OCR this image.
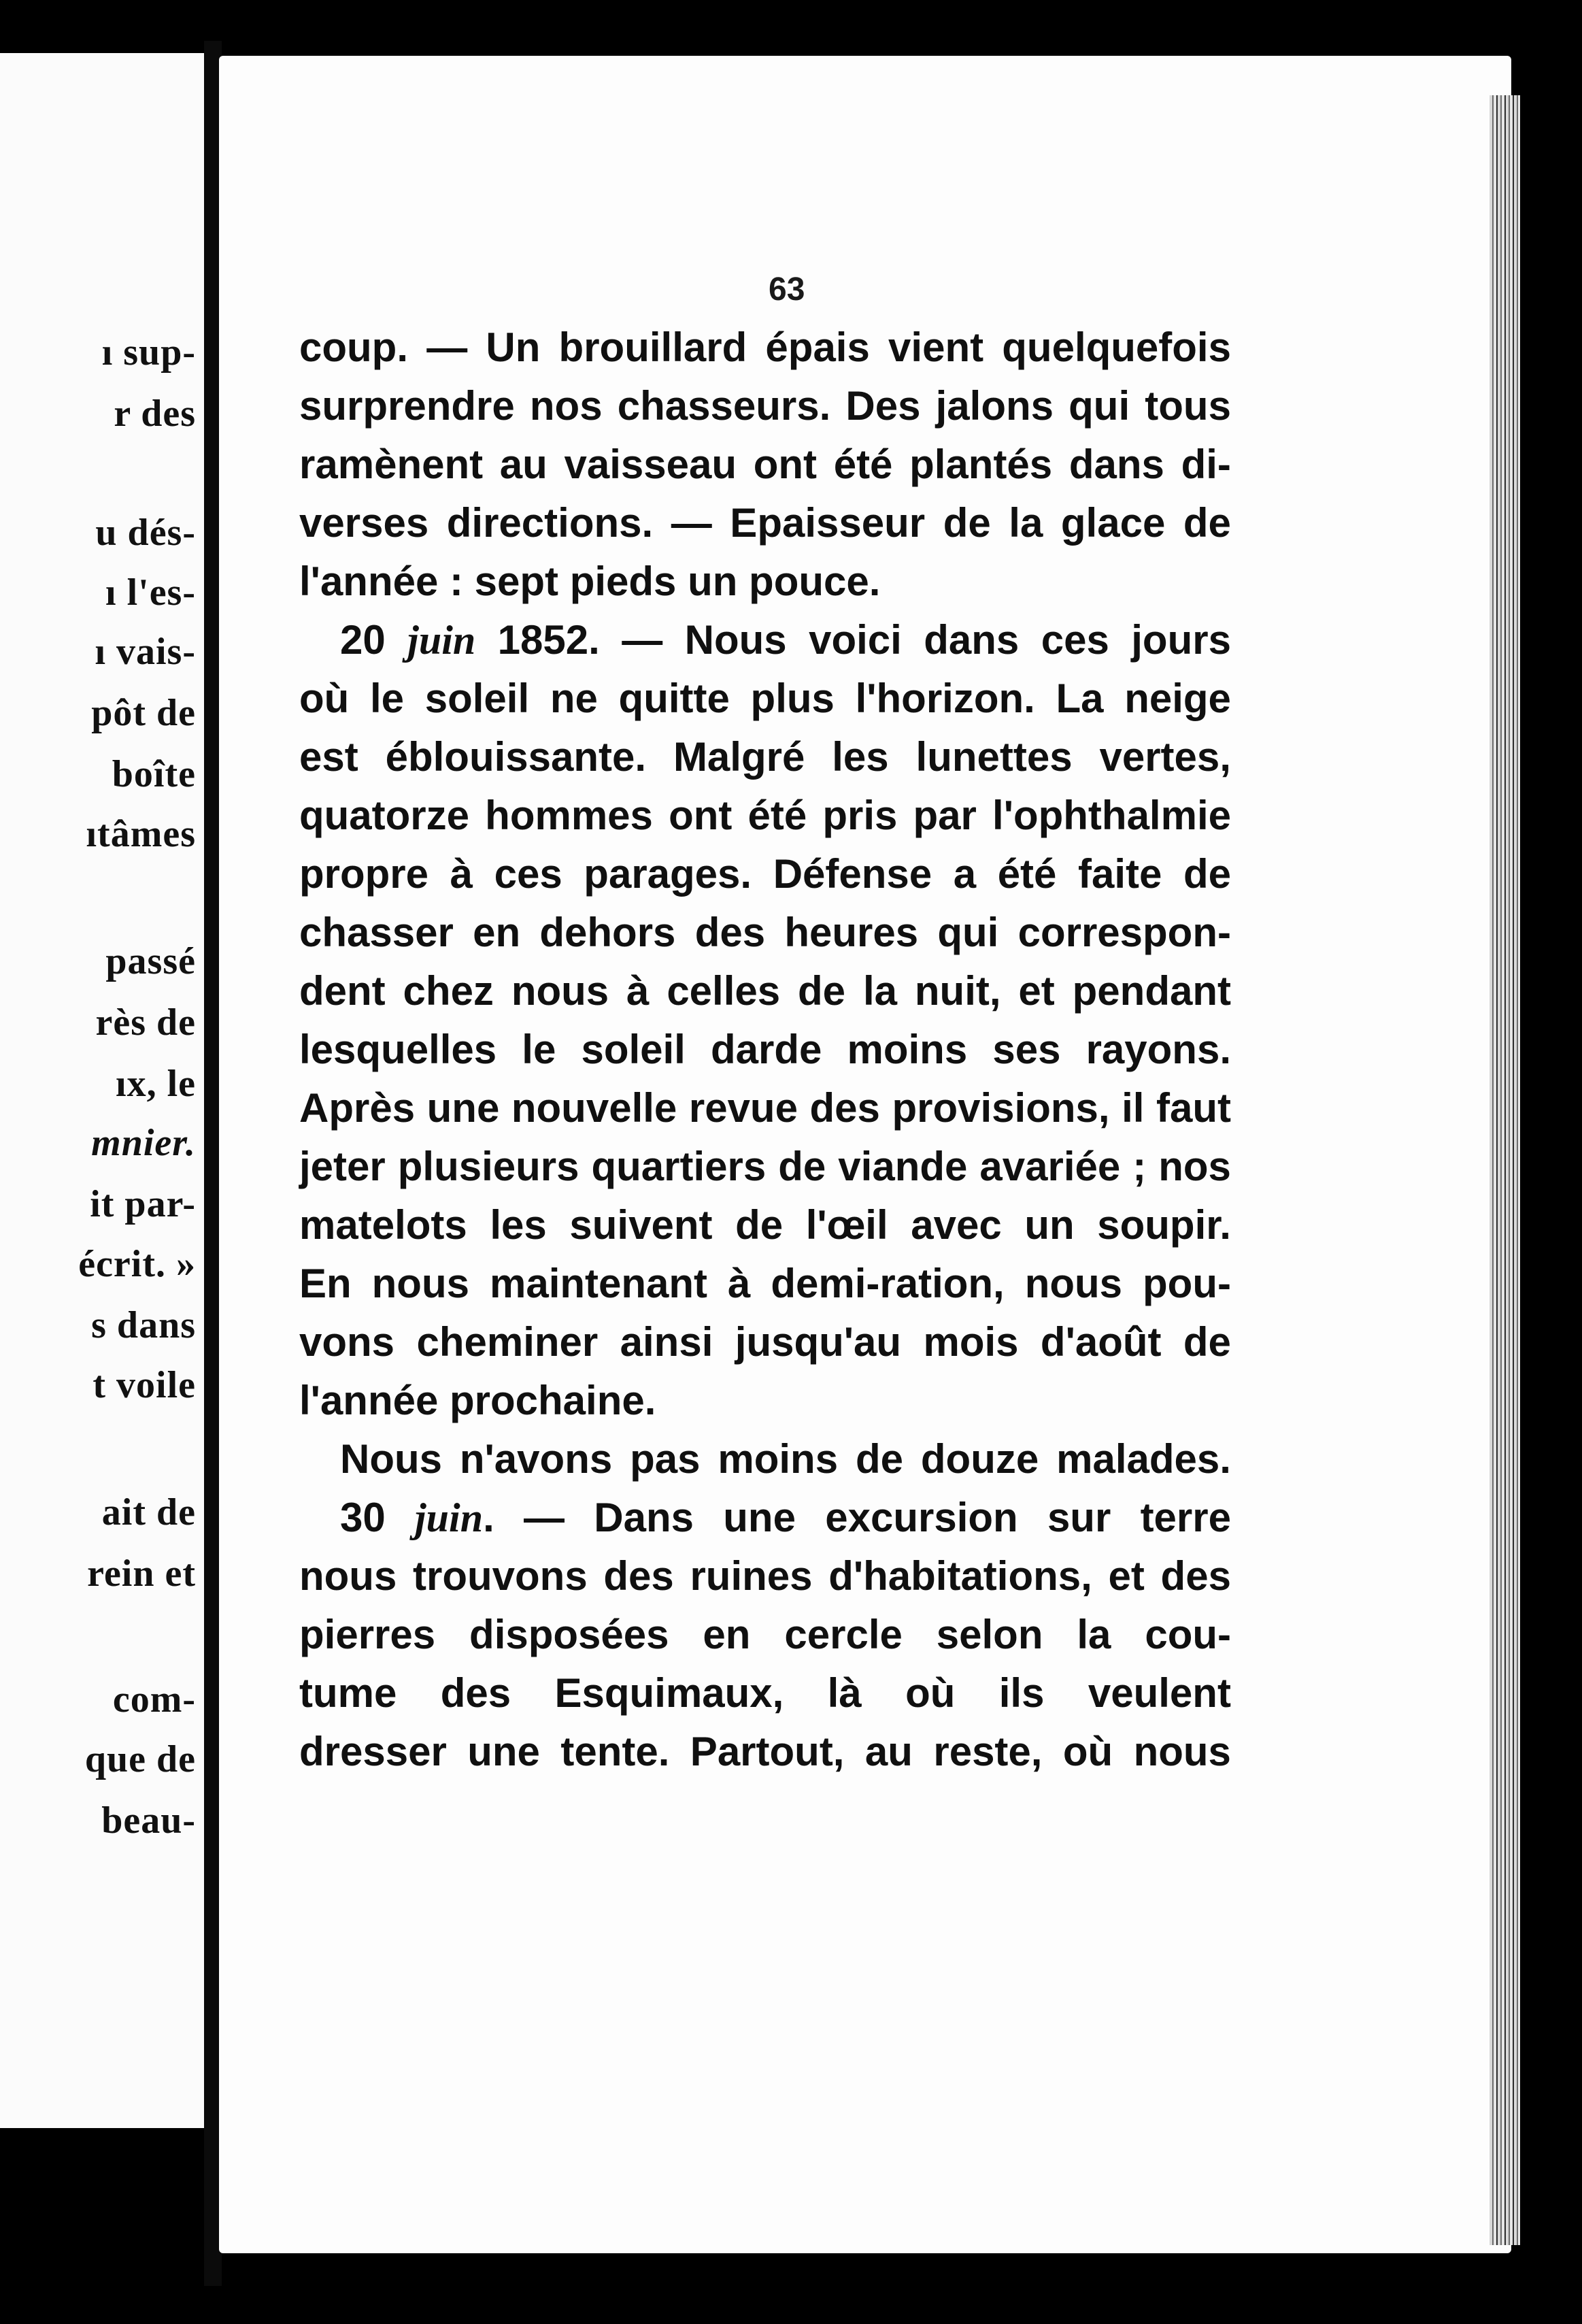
ı sup-
r des
u dés-
ı l'es-
ı vais-
pôt de
boîte
ıtâmes
passé
rès de
ıx, le
mnier.
it par-
écrit. »
s dans
t voile
ait de
rein et
com-
que de
beau-
63
coup. — Un brouillard épais vient quelquefois
surprendre nos chasseurs. Des jalons qui tous
ramènent au vaisseau ont été plantés dans di-
verses directions. — Epaisseur de la glace de
l'année : sept pieds un pouce.
20 juin 1852. — Nous voici dans ces jours
où le soleil ne quitte plus l'horizon. La neige
est éblouissante. Malgré les lunettes vertes,
quatorze hommes ont été pris par l'ophthalmie
propre à ces parages. Défense a été faite de
chasser en dehors des heures qui correspon-
dent chez nous à celles de la nuit, et pendant
lesquelles le soleil darde moins ses rayons.
Après une nouvelle revue des provisions, il faut
jeter plusieurs quartiers de viande avariée ; nos
matelots les suivent de l'œil avec un soupir.
En nous maintenant à demi-ration, nous pou-
vons cheminer ainsi jusqu'au mois d'août de
l'année prochaine.
Nous n'avons pas moins de douze malades.
30 juin. — Dans une excursion sur terre
nous trouvons des ruines d'habitations, et des
pierres disposées en cercle selon la cou-
tume des Esquimaux, là où ils veulent
dresser une tente. Partout, au reste, où nous
